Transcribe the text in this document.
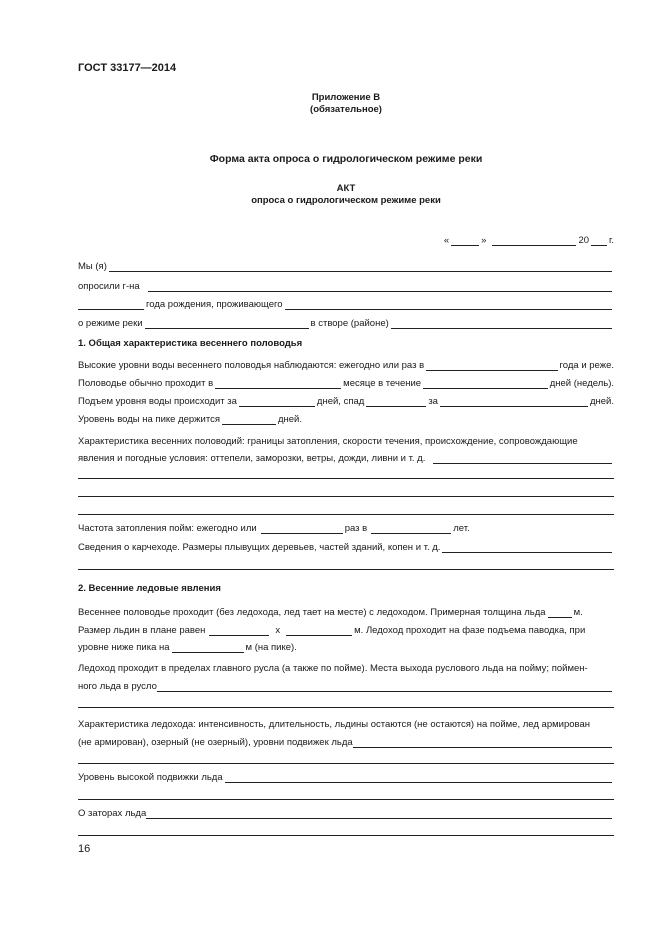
ГОСТ 33177—2014
Приложение В
(обязательное)
Форма акта опроса о гидрологическом режиме реки
АКТ
опроса о гидрологическом режиме реки
«	»	20 г.
Мы (я)
опросили г-на
года рождения, проживающего
о режиме реки	в створе (районе)
1. Общая характеристика весеннего половодья
Высокие уровни воды весеннего половодья наблюдаются: ежегодно или раз в	года и реже.
Половодье обычно проходит в	месяце в течение	дней (недель).
Подъем уровня воды происходит за	дней, спад	за	дней.
Уровень воды на пике держится	дней.
Характеристика весенних половодий: границы затопления, скорости течения, происхождение, сопровождающие
явления и погодные условия: оттепели, заморозки, ветры, дожди, ливни и т. д.
Частота затопления пойм: ежегодно или	раз в	лет.
Сведения о карчеходе. Размеры плывущих деревьев, частей зданий, копен и т. д.
2. Весенние ледовые явления
Весеннее половодье проходит (без ледохода, лед тает на месте) с ледоходом. Примерная толщина льда	м.
Размер льдин в плане равен	х	м. Ледоход проходит на фазе подъема паводка, при
уровне ниже пика на	м (на пике).
Ледоход проходит в пределах главного русла (а также по пойме). Места выхода руслового льда на пойму; поймен-
ного льда в русло
Характеристика ледохода: интенсивность, длительность, льдины остаются (не остаются) на пойме, лед армирован
(не армирован), озерный (не озерный), уровни подвижек льда
Уровень высокой подвижки льда
О заторах льда
16
